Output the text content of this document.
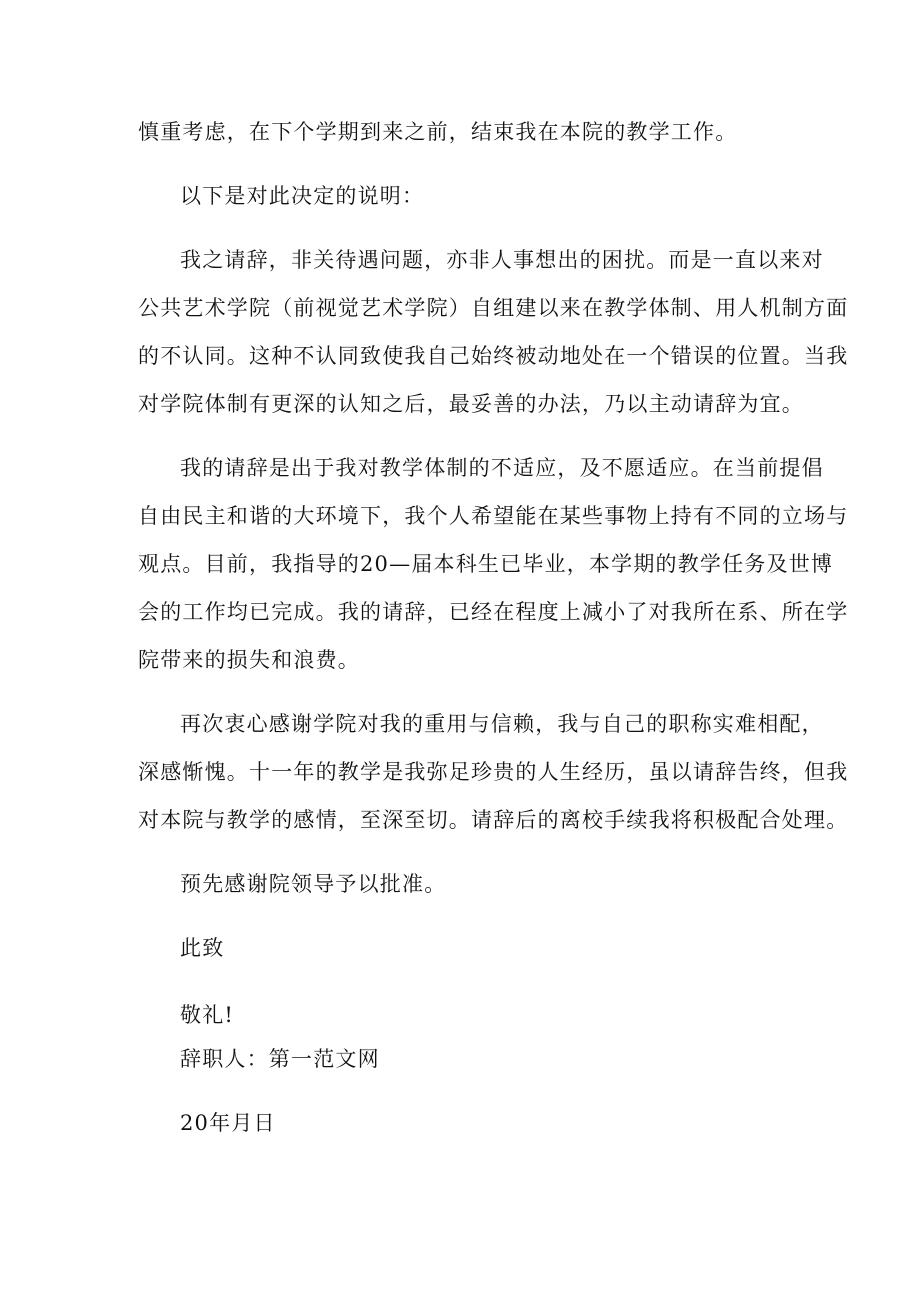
慎重考虑，在下个学期到来之前，结束我在本院的教学工作。
以下是对此决定的说明：
我之请辞，非关待遇问题，亦非人事想出的困扰。而是一直以来对
公共艺术学院（前视觉艺术学院）自组建以来在教学体制、用人机制方面
的不认同。这种不认同致使我自己始终被动地处在一个错误的位置。当我
对学院体制有更深的认知之后，最妥善的办法，乃以主动请辞为宜。
我的请辞是出于我对教学体制的不适应，及不愿适应。在当前提倡
自由民主和谐的大环境下，我个人希望能在某些事物上持有不同的立场与
观点。目前，我指导的20—届本科生已毕业，本学期的教学任务及世博
会的工作均已完成。我的请辞，已经在程度上减小了对我所在系、所在学
院带来的损失和浪费。
再次衷心感谢学院对我的重用与信赖，我与自己的职称实难相配，
深感惭愧。十一年的教学是我弥足珍贵的人生经历，虽以请辞告终，但我
对本院与教学的感情，至深至切。请辞后的离校手续我将积极配合处理。
预先感谢院领导予以批准。
此致
敬礼!
辞职人：第一范文网
20年月日
